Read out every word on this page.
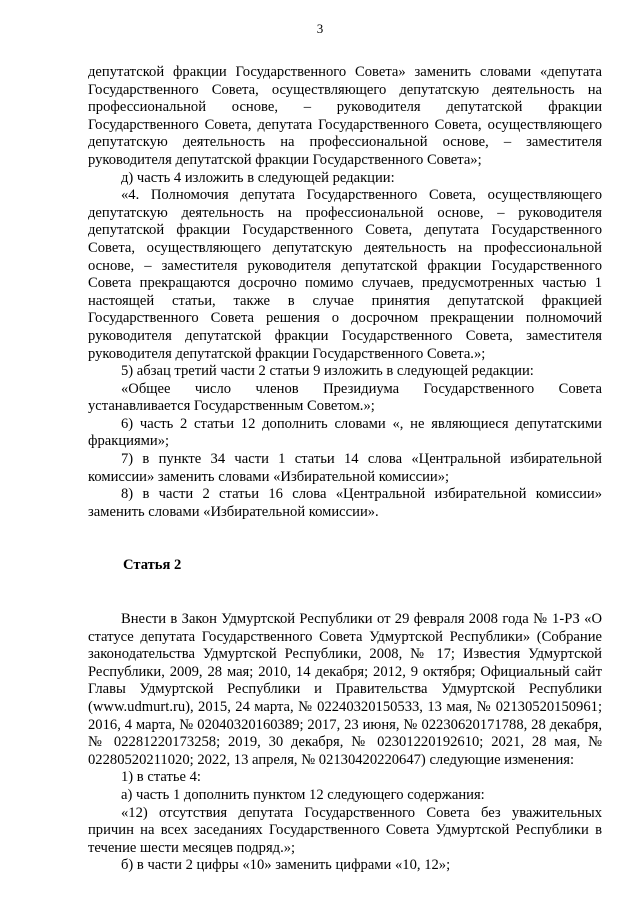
3

депутатской фракции Государственного Совета» заменить словами «депутата Государственного Совета, осуществляющего депутатскую деятельность на профессиональной основе, – руководителя депутатской фракции Государственного Совета, депутата Государственного Совета, осуществляющего депутатскую деятельность на профессиональной основе, – заместителя руководителя депутатской фракции Государственного Совета»;

д) часть 4 изложить в следующей редакции:

«4. Полномочия депутата Государственного Совета, осуществляющего депутатскую деятельность на профессиональной основе, – руководителя депутатской фракции Государственного Совета, депутата Государственного Совета, осуществляющего депутатскую деятельность на профессиональной основе, – заместителя руководителя депутатской фракции Государственного Совета прекращаются досрочно помимо случаев, предусмотренных частью 1 настоящей статьи, также в случае принятия депутатской фракцией Государственного Совета решения о досрочном прекращении полномочий руководителя депутатской фракции Государственного Совета, заместителя руководителя депутатской фракции Государственного Совета.»;

5) абзац третий части 2 статьи 9 изложить в следующей редакции:

«Общее число членов Президиума Государственного Совета устанавливается Государственным Советом.»;

6) часть 2 статьи 12 дополнить словами «, не являющиеся депутатскими фракциями»;

7) в пункте 34 части 1 статьи 14 слова «Центральной избирательной комиссии» заменить словами «Избирательной комиссии»;

8) в части 2 статьи 16 слова «Центральной избирательной комиссии» заменить словами «Избирательной комиссии».

Статья 2

Внести в Закон Удмуртской Республики от 29 февраля 2008 года № 1-РЗ «О статусе депутата Государственного Совета Удмуртской Республики» (Собрание законодательства Удмуртской Республики, 2008, № 17; Известия Удмуртской Республики, 2009, 28 мая; 2010, 14 декабря; 2012, 9 октября; Официальный сайт Главы Удмуртской Республики и Правительства Удмуртской Республики (www.udmurt.ru), 2015, 24 марта, № 02240320150533, 13 мая, № 02130520150961; 2016, 4 марта, № 02040320160389; 2017, 23 июня, № 02230620171788, 28 декабря, № 02281220173258; 2019, 30 декабря, № 02301220192610; 2021, 28 мая, № 02280520211020; 2022, 13 апреля, № 02130420220647) следующие изменения:

1) в статье 4:

а) часть 1 дополнить пунктом 12 следующего содержания:

«12) отсутствия депутата Государственного Совета без уважительных причин на всех заседаниях Государственного Совета Удмуртской Республики в течение шести месяцев подряд.»;

б) в части 2 цифры «10» заменить цифрами «10, 12»;
